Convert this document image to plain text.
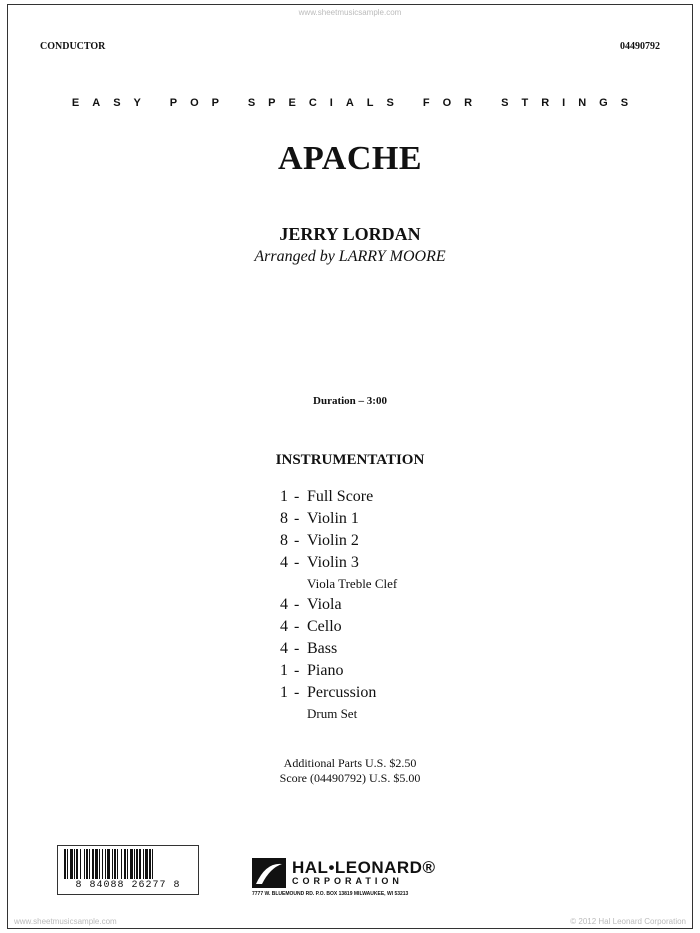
www.sheetmusicsample.com
CONDUCTOR	04490792
EASY POP SPECIALS FOR STRINGS
APACHE
JERRY LORDAN
Arranged by LARRY MOORE
Duration – 3:00
INSTRUMENTATION
1 - Full Score
8 - Violin 1
8 - Violin 2
4 - Violin 3
Viola Treble Clef
4 - Viola
4 - Cello
4 - Bass
1 - Piano
1 - Percussion
Drum Set
Additional Parts U.S. $2.50
Score (04490792) U.S. $5.00
8 84088 26277 8
HAL•LEONARD®
CORPORATION
7777 W. BLUEMOUND RD. P.O. BOX 13819 MILWAUKEE, WI 53213
www.sheetmusicsample.com	© 2012 Hal Leonard Corporation
